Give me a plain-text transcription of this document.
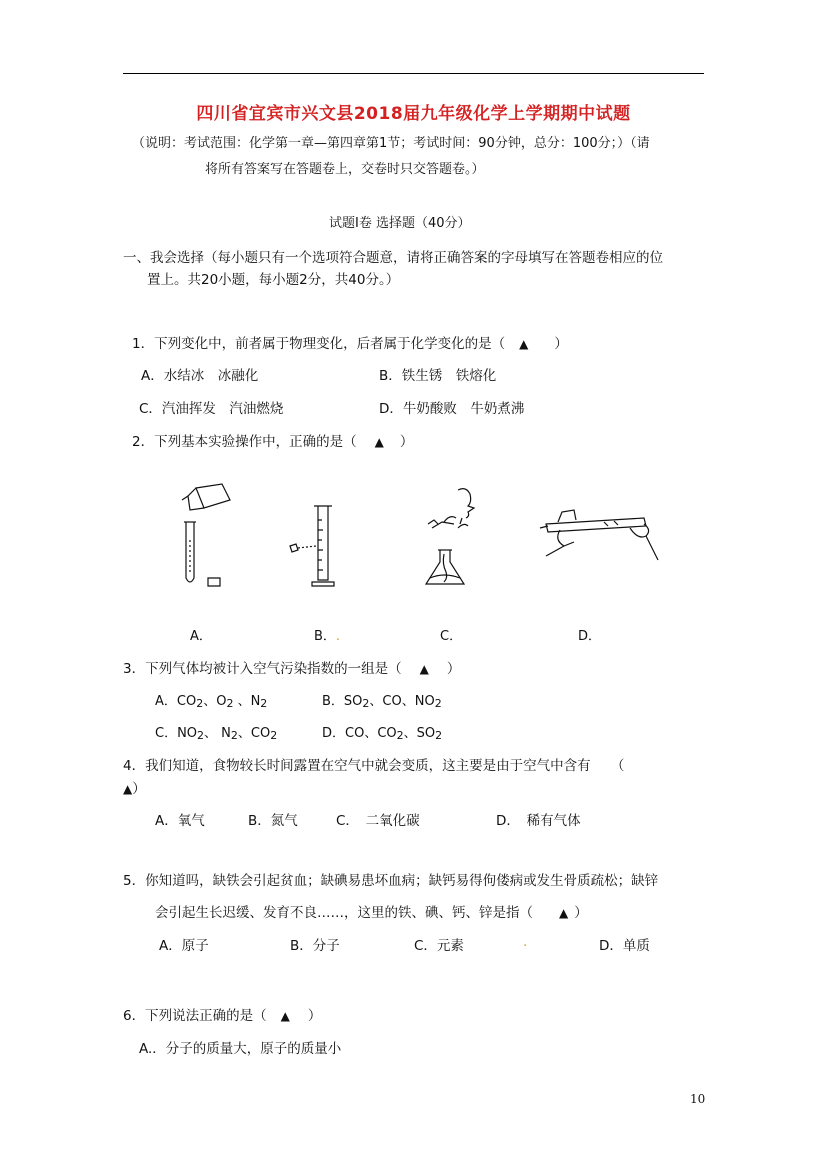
四川省宜宾市兴文县2018届九年级化学上学期期中试题
（说明：考试范围：化学第一章—第四章第1节；考试时间：90分钟，总分：100分；）（请
将所有答案写在答题卷上，交卷时只交答题卷。）
试题Ⅰ卷 选择题（40分）
一、我会选择（每小题只有一个选项符合题意，请将正确答案的字母填写在答题卷相应的位
置上。共20小题，每小题2分，共40分。）
1．下列变化中，前者属于物理变化，后者属于化学变化的是（ ▲ ）
A．水结冰　冰融化	B．铁生锈　铁熔化
C．汽油挥发　汽油燃烧	D．牛奶酸败　牛奶煮沸
2．下列基本实验操作中，正确的是（ ▲ ）
A．	B．.	C．	D．
3．下列气体均被计入空气污染指数的一组是（ ▲ ）
A．CO2、O2 、N2	B．SO2、CO、NO2
C．NO2、 N2、CO2	D．CO、CO2、SO2
4．我们知道，食物较长时间露置在空气中就会变质，这主要是由于空气中含有　　（
▲）
A．氧气	B．氮气	C．　二氧化碳	D．　稀有气体
5．你知道吗，缺铁会引起贫血；缺碘易患坏血病；缺钙易得佝偻病或发生骨质疏松；缺锌
会引起生长迟缓、发育不良……，这里的铁、碘、钙、锌是指（ ▲ ）
A．原子	B．分子	C．元素	.	D．单质
6．下列说法正确的是（ ▲ ）
A.．分子的质量大，原子的质量小
10
